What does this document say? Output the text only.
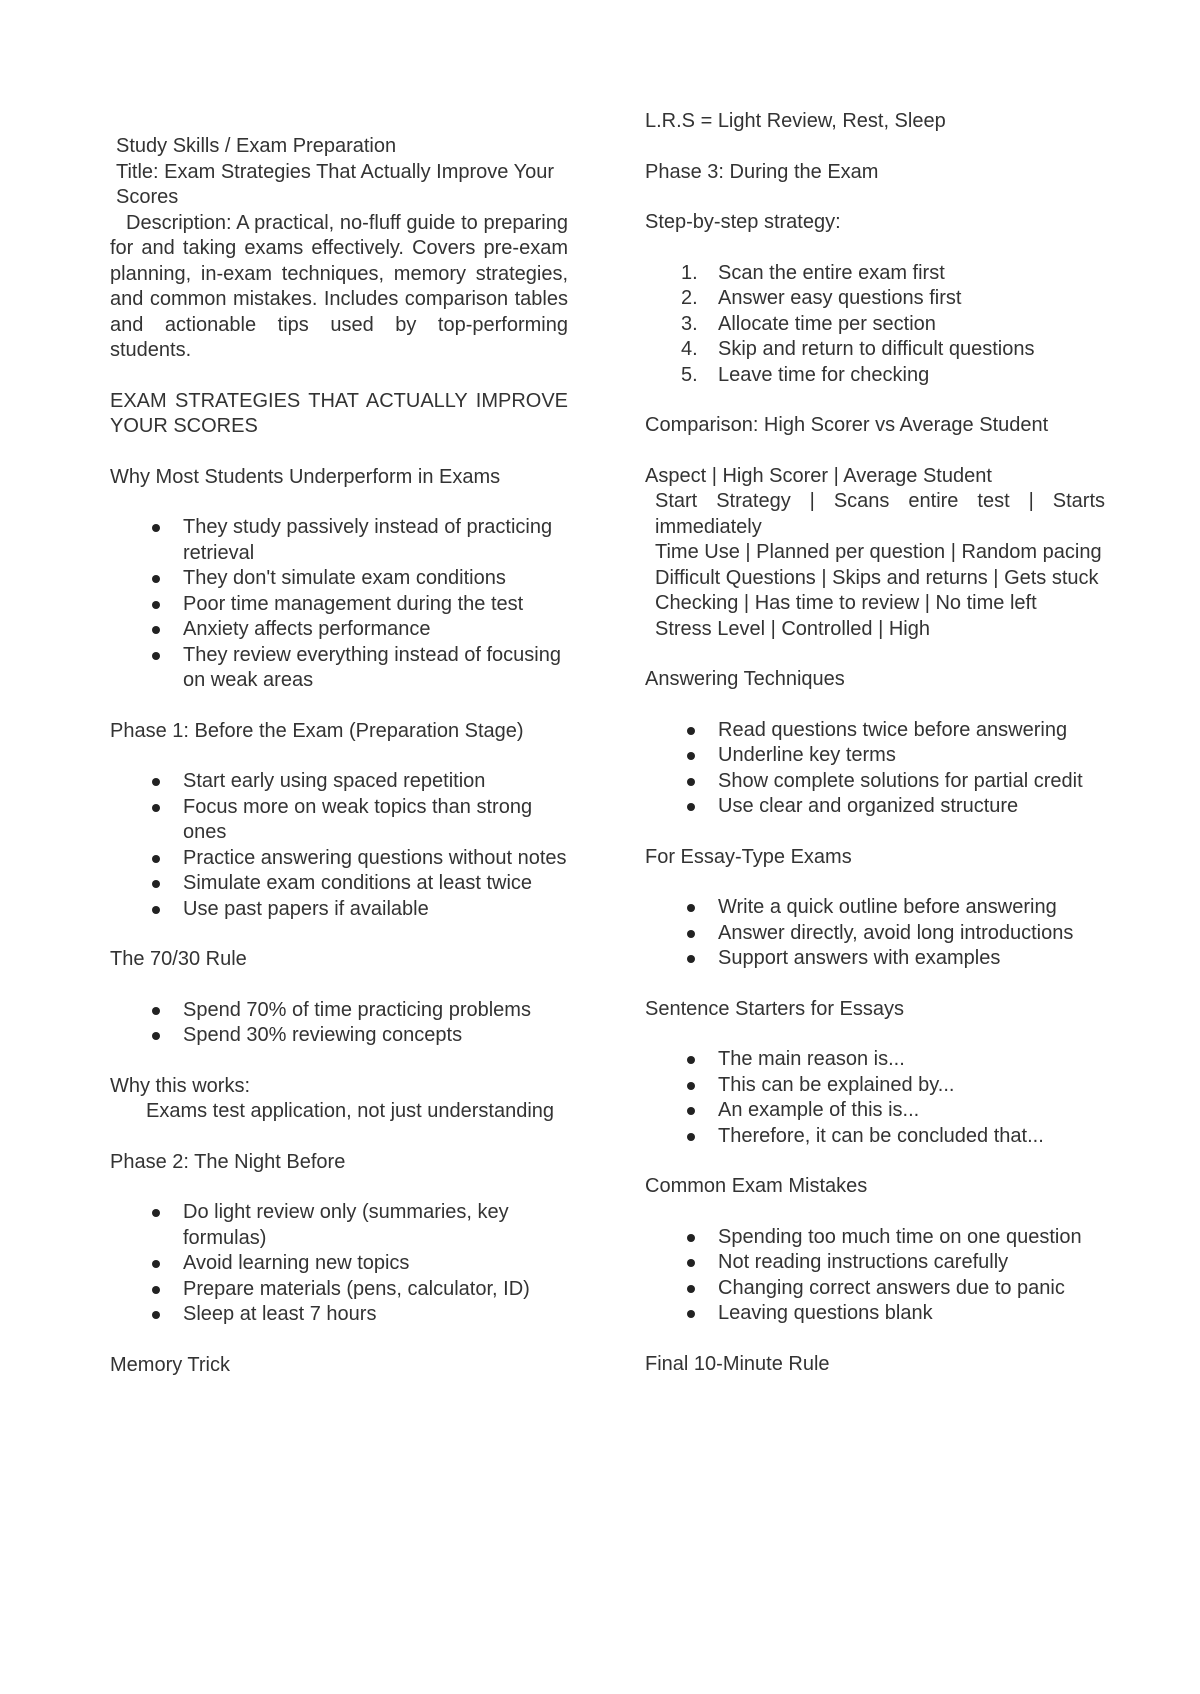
Study Skills / Exam Preparation

Title: Exam Strategies That Actually Improve Your Scores

Description: A practical, no-fluff guide to preparing for and taking exams effectively. Covers pre-exam planning, in-exam techniques, memory strategies, and common mistakes. Includes comparison tables and actionable tips used by top-performing students.

EXAM STRATEGIES THAT ACTUALLY IMPROVE YOUR SCORES

Why Most Students Underperform in Exams

They study passively instead of practicing retrieval
They don't simulate exam conditions
Poor time management during the test
Anxiety affects performance
They review everything instead of focusing on weak areas

Phase 1: Before the Exam (Preparation Stage)

Start early using spaced repetition
Focus more on weak topics than strong ones
Practice answering questions without notes
Simulate exam conditions at least twice
Use past papers if available

The 70/30 Rule

Spend 70% of time practicing problems
Spend 30% reviewing concepts

Why this works:

Exams test application, not just understanding

Phase 2: The Night Before

Do light review only (summaries, key formulas)
Avoid learning new topics
Prepare materials (pens, calculator, ID)
Sleep at least 7 hours

Memory Trick

L.R.S = Light Review, Rest, Sleep

Phase 3: During the Exam

Step-by-step strategy:

1.	Scan the entire exam first
2.	Answer easy questions first
3.	Allocate time per section
4.	Skip and return to difficult questions
5.	Leave time for checking

Comparison: High Scorer vs Average Student

Aspect | High Scorer | Average Student

Start Strategy | Scans entire test | Starts immediately

Time Use | Planned per question | Random pacing

Difficult Questions | Skips and returns | Gets stuck

Checking | Has time to review | No time left

Stress Level | Controlled | High

Answering Techniques

Read questions twice before answering
Underline key terms
Show complete solutions for partial credit
Use clear and organized structure

For Essay-Type Exams

Write a quick outline before answering
Answer directly, avoid long introductions
Support answers with examples

Sentence Starters for Essays

The main reason is...
This can be explained by...
An example of this is...
Therefore, it can be concluded that...

Common Exam Mistakes

Spending too much time on one question
Not reading instructions carefully
Changing correct answers due to panic
Leaving questions blank

Final 10-Minute Rule
